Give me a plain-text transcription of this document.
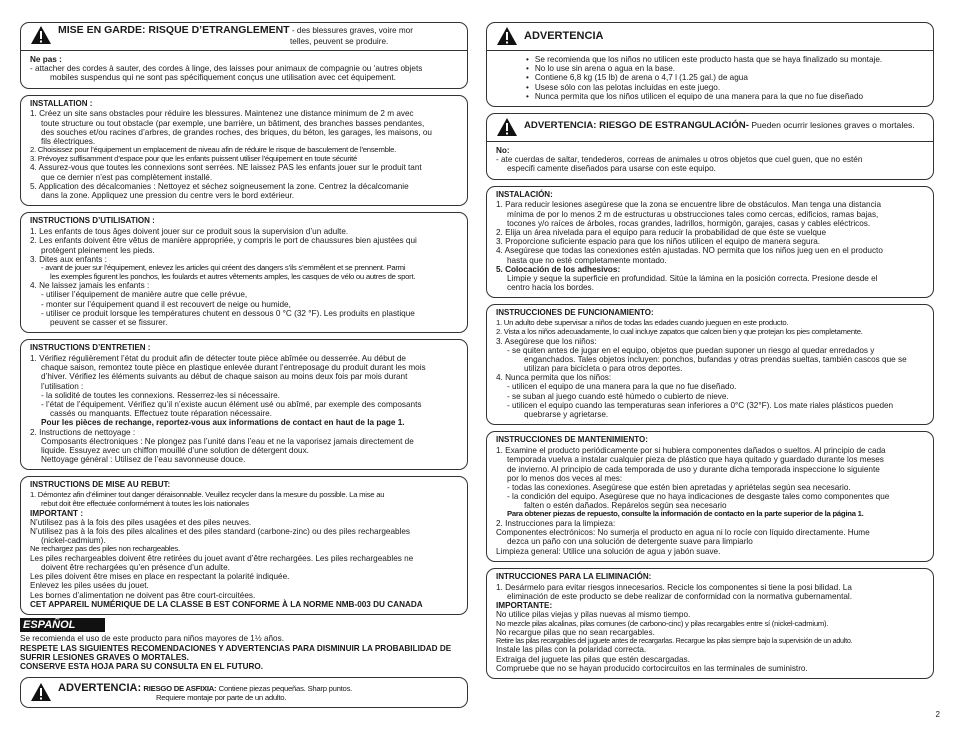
MISE EN GARDE: RISQUE D’ETRANGLEMENT - des blessures graves, voire mor
telles, peuvent se produire.
Ne pas :
- attacher des cordes à sauter, des cordes à linge, des laisses pour animaux de compagnie ou ‘autres objets
mobiles suspendus qui ne sont pas spécifiquement conçus une utilisation avec cet équipement.
INSTALLATION :
1. Créez un site sans obstacles pour réduire les blessures. Maintenez une distance minimum de 2 m avec
toute structure ou tout obstacle (par exemple, une barrière, un bâtiment, des branches basses pendantes,
des souches et/ou racines d’arbres, de grandes roches, des briques, du béton, les garages, les maisons, ou
fils électriques.
2. Choisissez pour l’équipement un emplacement de niveau afin de réduire le risque de basculement de l’ensemble.
3. Prévoyez suffisamment d’espace pour que les enfants puissent utiliser l’équipement en toute sécurité
4. Assurez-vous que toutes les connexions sont serrées. NE laissez PAS les enfants jouer sur le produit tant
que ce dernier n’est pas complètement installé.
5. Application des décalcomanies : Nettoyez et séchez soigneusement la zone. Centrez la décalcomanie
dans la zone. Appliquez une pression du centre vers le bord extérieur.
INSTRUCTIONS D’UTILISATION :
1. Les enfants de tous âges doivent jouer sur ce produit sous la supervision d’un adulte.
2. Les enfants doivent être vêtus de manière appropriée, y compris le port de chaussures bien ajustées qui
protègent pleinement les pieds.
3. Dites aux enfants :
- avant de jouer sur l’équipement, enlevez les articles qui créent des dangers s’ils s’emmêlent et se prennent. Parmi
les exemples figurent les ponchos, les foulards et autres vêtements amples, les casques de vélo ou autres de sport.
4. Ne laissez jamais les enfants :
- utiliser l’équipement de manière autre que celle prévue,
- monter sur l’équipement quand il est recouvert de neige ou humide,
- utiliser ce produit lorsque les températures chutent en dessous 0 °C (32 °F). Les produits en plastique
peuvent se casser et se fissurer.
INSTRUCTIONS D’ENTRETIEN :
1. Vérifiez régulièrement l’état du produit afin de détecter toute pièce abîmée ou desserrée. Au début de
chaque saison, remontez toute pièce en plastique enlevée durant l’entreposage du produit durant les mois
d’hiver. Vérifiez les éléments suivants au début de chaque saison au moins deux fois par mois durant
l’utilisation :
- la solidité de toutes les connexions. Resserrez-les si nécessaire.
- l’état de l’équipement. Vérifiez qu’il n’existe aucun élément usé ou abîmé, par exemple des composants
cassés ou manquants. Effectuez toute réparation nécessaire.
Pour les pièces de rechange, reportez-vous aux informations de contact en haut de la page 1.
2. Instructions de nettoyage :
Composants électroniques : Ne plongez pas l’unité dans l’eau et ne la vaporisez jamais directement de
liquide. Essuyez avec un chiffon mouillé d’une solution de détergent doux.
Nettoyage général : Utilisez de l’eau savonneuse douce.
INSTRUCTIONS DE MISE AU REBUT:
1. Démontez afin d’éliminer tout danger déraisonnable. Veuillez recycler dans la mesure du possible. La mise au
rebut doit être effectuée conformément à toutes les lois nationales
IMPORTANT :
N’utilisez pas à la fois des piles usagées et des piles neuves.
N’utilisez pas à la fois des piles alcalines et des piles standard (carbone-zinc) ou des piles rechargeables
(nickel-cadmium).
Ne rechargez pas des piles non rechargeables.
Les piles rechargeables doivent être retirées du jouet avant d’être rechargées. Les piles rechargeables ne
doivent être rechargées qu’en présence d’un adulte.
Les piles doivent être mises en place en respectant la polarité indiquée.
Enlevez les piles usées du jouet.
Les bornes d’alimentation ne doivent pas être court-circuitées.
CET APPAREIL NUMÉRIQUE DE LA CLASSE B EST CONFORME À LA NORME NMB-003 DU CANADA
ESPAÑOL
Se recomienda el uso de este producto para niños mayores de 1½ años.
RESPETE LAS SIGUIENTES RECOMENDACIONES Y ADVERTENCIAS PARA DISMINUIR LA PROBABILIDAD DE
SUFRIR LESIONES GRAVES O MORTALES.
CONSERVE ESTA HOJA PARA SU CONSULTA EN EL FUTURO.
ADVERTENCIA: RIESGO DE ASFIXIA: Contiene piezas pequeñas. Sharp puntos.
Requiere montaje por parte de un adulto.
ADVERTENCIA
• Se recomienda que los niños no utilicen este producto hasta que se haya finalizado su montaje.
• No lo use sin arena o agua en la base.
• Contiene 6,8 kg (15 lb) de arena o 4,7 l (1.25 gal.) de agua
• Usese sólo con las pelotas incluidas en este juego.
• Nunca permita que los niños utilicen el equipo de una manera para la que no fue diseñado
ADVERTENCIA: RIESGO DE ESTRANGULACIÓN- Pueden ocurrir lesiones graves o mortales.
No:
- ate cuerdas de saltar, tendederos, correas de animales u otros objetos que cuel guen, que no estén
especifi camente diseñados para usarse con este equipo.
INSTALACIÓN:
1. Para reducir lesiones asegúrese que la zona se encuentre libre de obstáculos. Man tenga una distancia
mínima de por lo menos 2 m de estructuras u obstrucciones tales como cercas, edificios, ramas bajas,
tocones y/o raíces de árboles, rocas grandes, ladrillos, hormigón, garajes, casas y cables eléctricos.
2. Elija un área nivelada para el equipo para reducir la probabilidad de que éste se vuelque
3. Proporcione suficiente espacio para que los niños utilicen el equipo de manera segura.
4. Asegúrese que todas las conexiones estén ajustadas. NO permita que los niños jueg uen en el producto
hasta que no esté completamente montado.
5. Colocación de los adhesivos:
Limpie y seque la superficie en profundidad. Sitúe la lámina en la posición correcta. Presione desde el
centro hacia los bordes.
INSTRUCCIONES DE FUNCIONAMIENTO:
1. Un adulto debe supervisar a niños de todas las edades cuando jueguen en este producto.
2. Vista a los niños adecuadamente, lo cual incluye zapatos que calcen bien y que protejan los pies completamente.
3. Asegúrese que los niños:
- se quiten antes de jugar en el equipo, objetos que puedan suponer un riesgo al quedar enredados y
enganchados. Tales objetos incluyen: ponchos, bufandas y otras prendas sueltas, también cascos que se
utilizan para bicicleta o para otros deportes.
4. Nunca permita que los niños:
- utilicen el equipo de una manera para la que no fue diseñado.
- se suban al juego cuando esté húmedo o cubierto de nieve.
- utilicen el equipo cuando las temperaturas sean inferiores a 0°C (32°F). Los mate riales plásticos pueden
quebrarse y agrietarse.
INSTRUCCIONES DE MANTENIMIENTO:
1. Examine el producto periódicamente por si hubiera componentes dañados o sueltos. Al principio de cada
temporada vuelva a instalar cualquier pieza de plástico que haya quitado y guardado durante los meses
de invierno. Al principio de cada temporada de uso y durante dicha temporada inspeccione lo siguiente
por lo menos dos veces al mes:
- todas las conexiones. Asegúrese que estén bien apretadas y apriételas según sea necesario.
- la condición del equipo. Asegúrese que no haya indicaciones de desgaste tales como componentes que
falten o estén dañados. Repárelos según sea necesario
Para obtener piezas de repuesto, consulte la información de contacto en la parte superior de la página 1.
2. Instrucciones para la limpieza:
Componentes electrónicos: No sumerja el producto en agua ni lo rocíe con líquido directamente. Hume
dezca un paño con una solución de detergente suave para limpiarlo
Limpieza general: Utilice una solución de agua y jabón suave.
INTRUCCIONES PARA LA ELIMINACIÓN:
1. Desármelo para evitar riesgos innecesarios. Recicle los componentes si tiene la posi bilidad. La
eliminación de este producto se debe realizar de conformidad con la normativa gubernamental.
IMPORTANTE:
No utilice pilas viejas y pilas nuevas al mismo tiempo.
No mezcle pilas alcalinas, pilas comunes (de carbono-cinc) y pilas recargables entre sí (nickel-cadmium).
No recargue pilas que no sean recargables.
Retire las pilas recargables del juguete antes de recargarlas. Recargue las pilas siempre bajo la supervisión de un adulto.
Instale las pilas con la polaridad correcta.
Extraiga del juguete las pilas que estén descargadas.
Compruebe que no se hayan producido cortocircuitos en las terminales de suministro.
2
